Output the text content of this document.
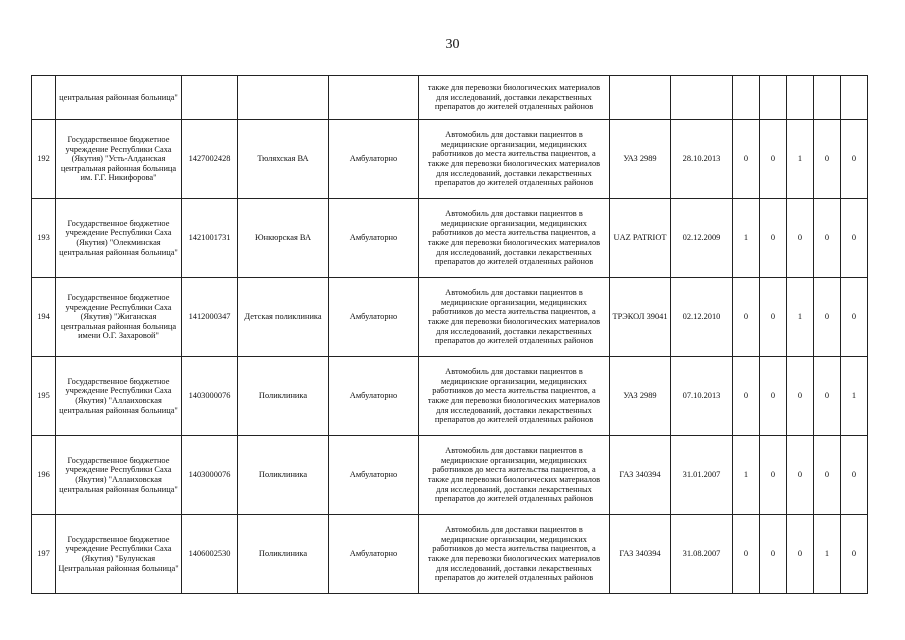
30
	центральная районная больница"				также для перевозки биологических материалов для исследований, доставки лекарственных препаратов до жителей отдаленных районов							
192	Государственное бюджетное учреждение Республики Саха (Якутия) "Усть-Алданская центральная районная больница им. Г.Г. Никифорова"	1427002428	Тюляхская ВА	Амбулаторно	Автомобиль для доставки пациентов в медицинские организации, медицинских работников до места жительства пациентов, а также для перевозки биологических материалов для исследований, доставки лекарственных препаратов до жителей отдаленных районов	УАЗ 2989	28.10.2013	0	0	1	0	0
193	Государственное бюджетное учреждение Республики Саха (Якутия) "Олекминская центральная районная больница"	1421001731	Юнкюрская ВА	Амбулаторно	Автомобиль для доставки пациентов в медицинские организации, медицинских работников до места жительства пациентов, а также для перевозки биологических материалов для исследований, доставки лекарственных препаратов до жителей отдаленных районов	UAZ PATRIOT	02.12.2009	1	0	0	0	0
194	Государственное бюджетное учреждение Республики Саха (Якутия) "Жиганская центральная районная больница имени О.Г. Захаровой"	1412000347	Детская поликлиника	Амбулаторно	Автомобиль для доставки пациентов в медицинские организации, медицинских работников до места жительства пациентов, а также для перевозки биологических материалов для исследований, доставки лекарственных препаратов до жителей отдаленных районов	ТРЭКОЛ 39041	02.12.2010	0	0	1	0	0
195	Государственное бюджетное учреждение Республики Саха (Якутия) "Аллаиховская центральная районная больница"	1403000076	Поликлиника	Амбулаторно	Автомобиль для доставки пациентов в медицинские организации, медицинских работников до места жительства пациентов, а также для перевозки биологических материалов для исследований, доставки лекарственных препаратов до жителей отдаленных районов	УАЗ 2989	07.10.2013	0	0	0	0	1
196	Государственное бюджетное учреждение Республики Саха (Якутия) "Аллаиховская центральная районная больница"	1403000076	Поликлиника	Амбулаторно	Автомобиль для доставки пациентов в медицинские организации, медицинских работников до места жительства пациентов, а также для перевозки биологических материалов для исследований, доставки лекарственных препаратов до жителей отдаленных районов	ГАЗ 340394	31.01.2007	1	0	0	0	0
197	Государственное бюджетное учреждение Республики Саха (Якутия) "Булунская Центральная районная больница"	1406002530	Поликлиника	Амбулаторно	Автомобиль для доставки пациентов в медицинские организации, медицинских работников до места жительства пациентов, а также для перевозки биологических материалов для исследований, доставки лекарственных препаратов до жителей отдаленных районов	ГАЗ 340394	31.08.2007	0	0	0	1	0
